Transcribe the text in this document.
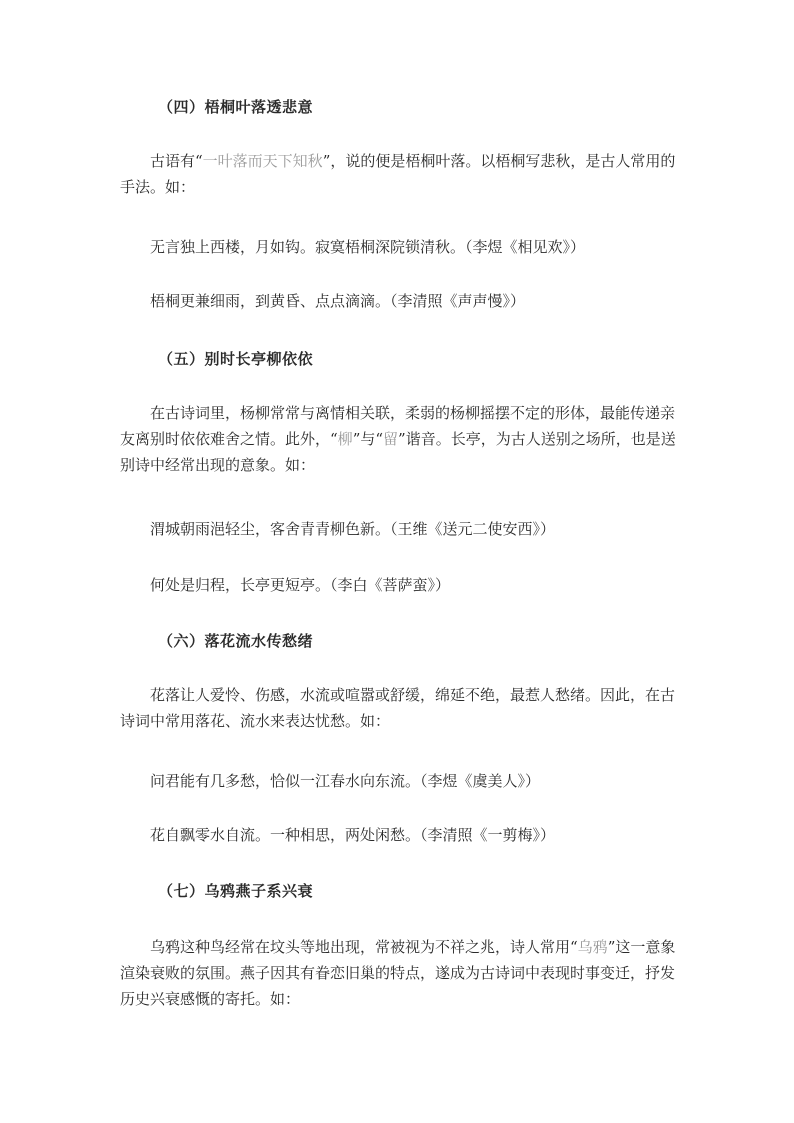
（四）梧桐叶落透悲意

古语有“一叶落而天下知秋”，说的便是梧桐叶落。以梧桐写悲秋，是古人常用的手法。如：

无言独上西楼，月如钩。寂寞梧桐深院锁清秋。（李煜《相见欢》）

梧桐更兼细雨，到黄昏、点点滴滴。（李清照《声声慢》）

（五）别时长亭柳依依

在古诗词里，杨柳常常与离情相关联，柔弱的杨柳摇摆不定的形体，最能传递亲友离别时依依难舍之情。此外，“柳”与“留”谐音。长亭，为古人送别之场所，也是送别诗中经常出现的意象。如：

渭城朝雨浥轻尘，客舍青青柳色新。（王维《送元二使安西》）

何处是归程，长亭更短亭。（李白《菩萨蛮》）

（六）落花流水传愁绪

花落让人爱怜、伤感，水流或喧嚣或舒缓，绵延不绝，最惹人愁绪。因此，在古诗词中常用落花、流水来表达忧愁。如：

问君能有几多愁，恰似一江春水向东流。（李煜《虞美人》）

花自飘零水自流。一种相思，两处闲愁。（李清照《一剪梅》）

（七）乌鸦燕子系兴衰

乌鸦这种鸟经常在坟头等地出现，常被视为不祥之兆，诗人常用“乌鸦”这一意象渲染衰败的氛围。燕子因其有眷恋旧巢的特点，遂成为古诗词中表现时事变迁，抒发历史兴衰感慨的寄托。如：
